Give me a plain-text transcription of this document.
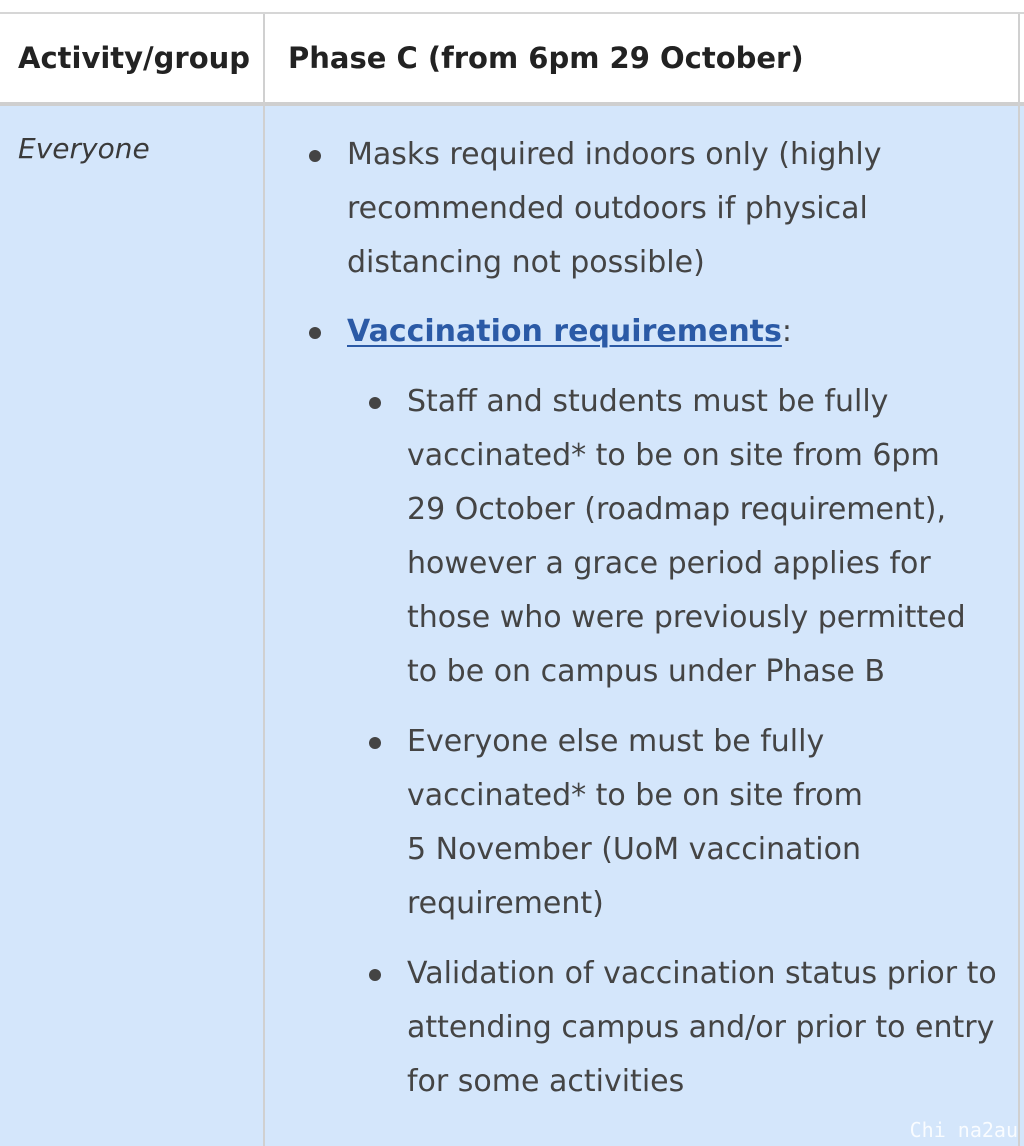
Activity/group Phase C (from 6pm 29 October)
Everyone	Masks required indoors only (highly
recommended outdoors if physical
distancing not possible)
Vaccination requirements:
Staff and students must be fully
vaccinated* to be on site from 6pm
29 October (roadmap requirement),
however a grace period applies for
those who were previously permitted
to be on campus under Phase B
Everyone else must be fully
vaccinated* to be on site from
5 November (UoM vaccination
requirement)
Validation of vaccination status prior to
attending campus and/or prior to entry
for some activities
Chi na2au
